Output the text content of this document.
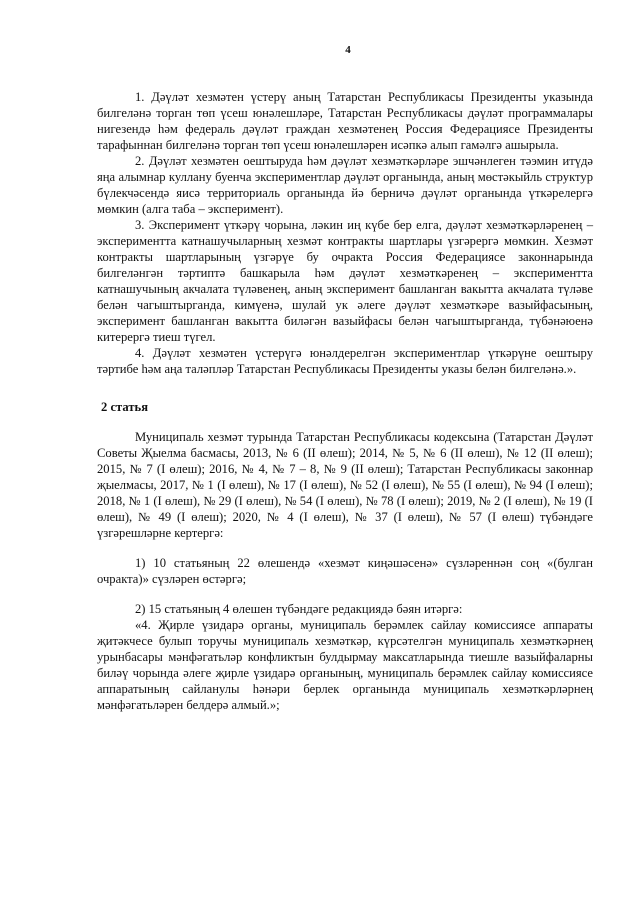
4

1. Дәүләт хезмәтен үстерү аның Татарстан Республикасы Президенты указында билгеләнә торган төп үсеш юнәлешләре, Татарстан Республикасы дәүләт программалары нигезендә һәм федераль дәүләт граждан хезмәтенең Россия Федерациясе Президенты тарафыннан билгеләнә торган төп үсеш юнәлешләрен исәпкә алып гамәлгә ашырыла.

2. Дәүләт хезмәтен оештыруда һәм дәүләт хезмәткәрләре эшчәнлеген тәэмин итүдә яңа алымнар куллану буенча экспериментлар дәүләт органында, аның мөстәкыйль структур бүлекчәсендә яисә территориаль органында йә берничә дәүләт органында үткәрелергә мөмкин (алга таба – эксперимент).

3. Эксперимент үткәрү чорына, ләкин иң күбе бер елга, дәүләт хезмәткәрләренең – экспериментта катнашучыларның хезмәт контракты шартлары үзгәрергә мөмкин. Хезмәт контракты шартларының үзгәрүе бу очракта Россия Федерациясе законнарында билгеләнгән тәртиптә башкарыла һәм дәүләт хезмәткәренең – экспериментта катнашучының акчалата түләвенең, аның эксперимент башланган вакытта акчалата түләве белән чагыштырганда, кимүенә, шулай ук әлеге дәүләт хезмәткәре вазыйфасының, эксперимент башланган вакытта биләгән вазыйфасы белән чагыштырганда, түбәнәюенә китерергә тиеш түгел.

4. Дәүләт хезмәтен үстерүгә юнәлдерелгән экспериментлар үткәрүне оештыру тәртибе һәм аңа таләпләр Татарстан Республикасы Президенты указы белән билгеләнә.».

2 статья

Муниципаль хезмәт турында Татарстан Республикасы кодексына (Татарстан Дәүләт Советы Җыелма басмасы, 2013, № 6 (II өлеш); 2014, № 5, № 6 (II өлеш), № 12 (II өлеш); 2015, № 7 (I өлеш); 2016, № 4, № 7 – 8, № 9 (II өлеш); Татарстан Республикасы законнар җыелмасы, 2017, № 1 (I өлеш), № 17 (I өлеш), № 52 (I өлеш), № 55 (I өлеш), № 94 (I өлеш); 2018, № 1 (I өлеш), № 29 (I өлеш), № 54 (I өлеш), № 78 (I өлеш); 2019, № 2 (I өлеш), № 19 (I өлеш), № 49 (I өлеш); 2020, № 4 (I өлеш), № 37 (I өлеш), № 57 (I өлеш) түбәндәге үзгәрешләрне кертергә:

1) 10 статьяның 22 өлешендә «хезмәт киңәшәсенә» сүзләреннән соң «(булган очракта)» сүзләрен өстәргә;

2) 15 статьяның 4 өлешен түбәндәге редакциядә бәян итәргә:

«4. Җирле үзидарә органы, муниципаль берәмлек сайлау комиссиясе аппараты җитәкчесе булып торучы муниципаль хезмәткәр, күрсәтелгән муниципаль хезмәткәрнең урынбасары мәнфәгатьләр конфликтын булдырмау максатларында тиешле вазыйфаларны биләү чорында әлеге җирле үзидарә органының, муниципаль берәмлек сайлау комиссиясе аппаратының сайланулы һәнәри берлек органында муниципаль хезмәткәрләрнең мәнфәгатьләрен белдерә алмый.»;
